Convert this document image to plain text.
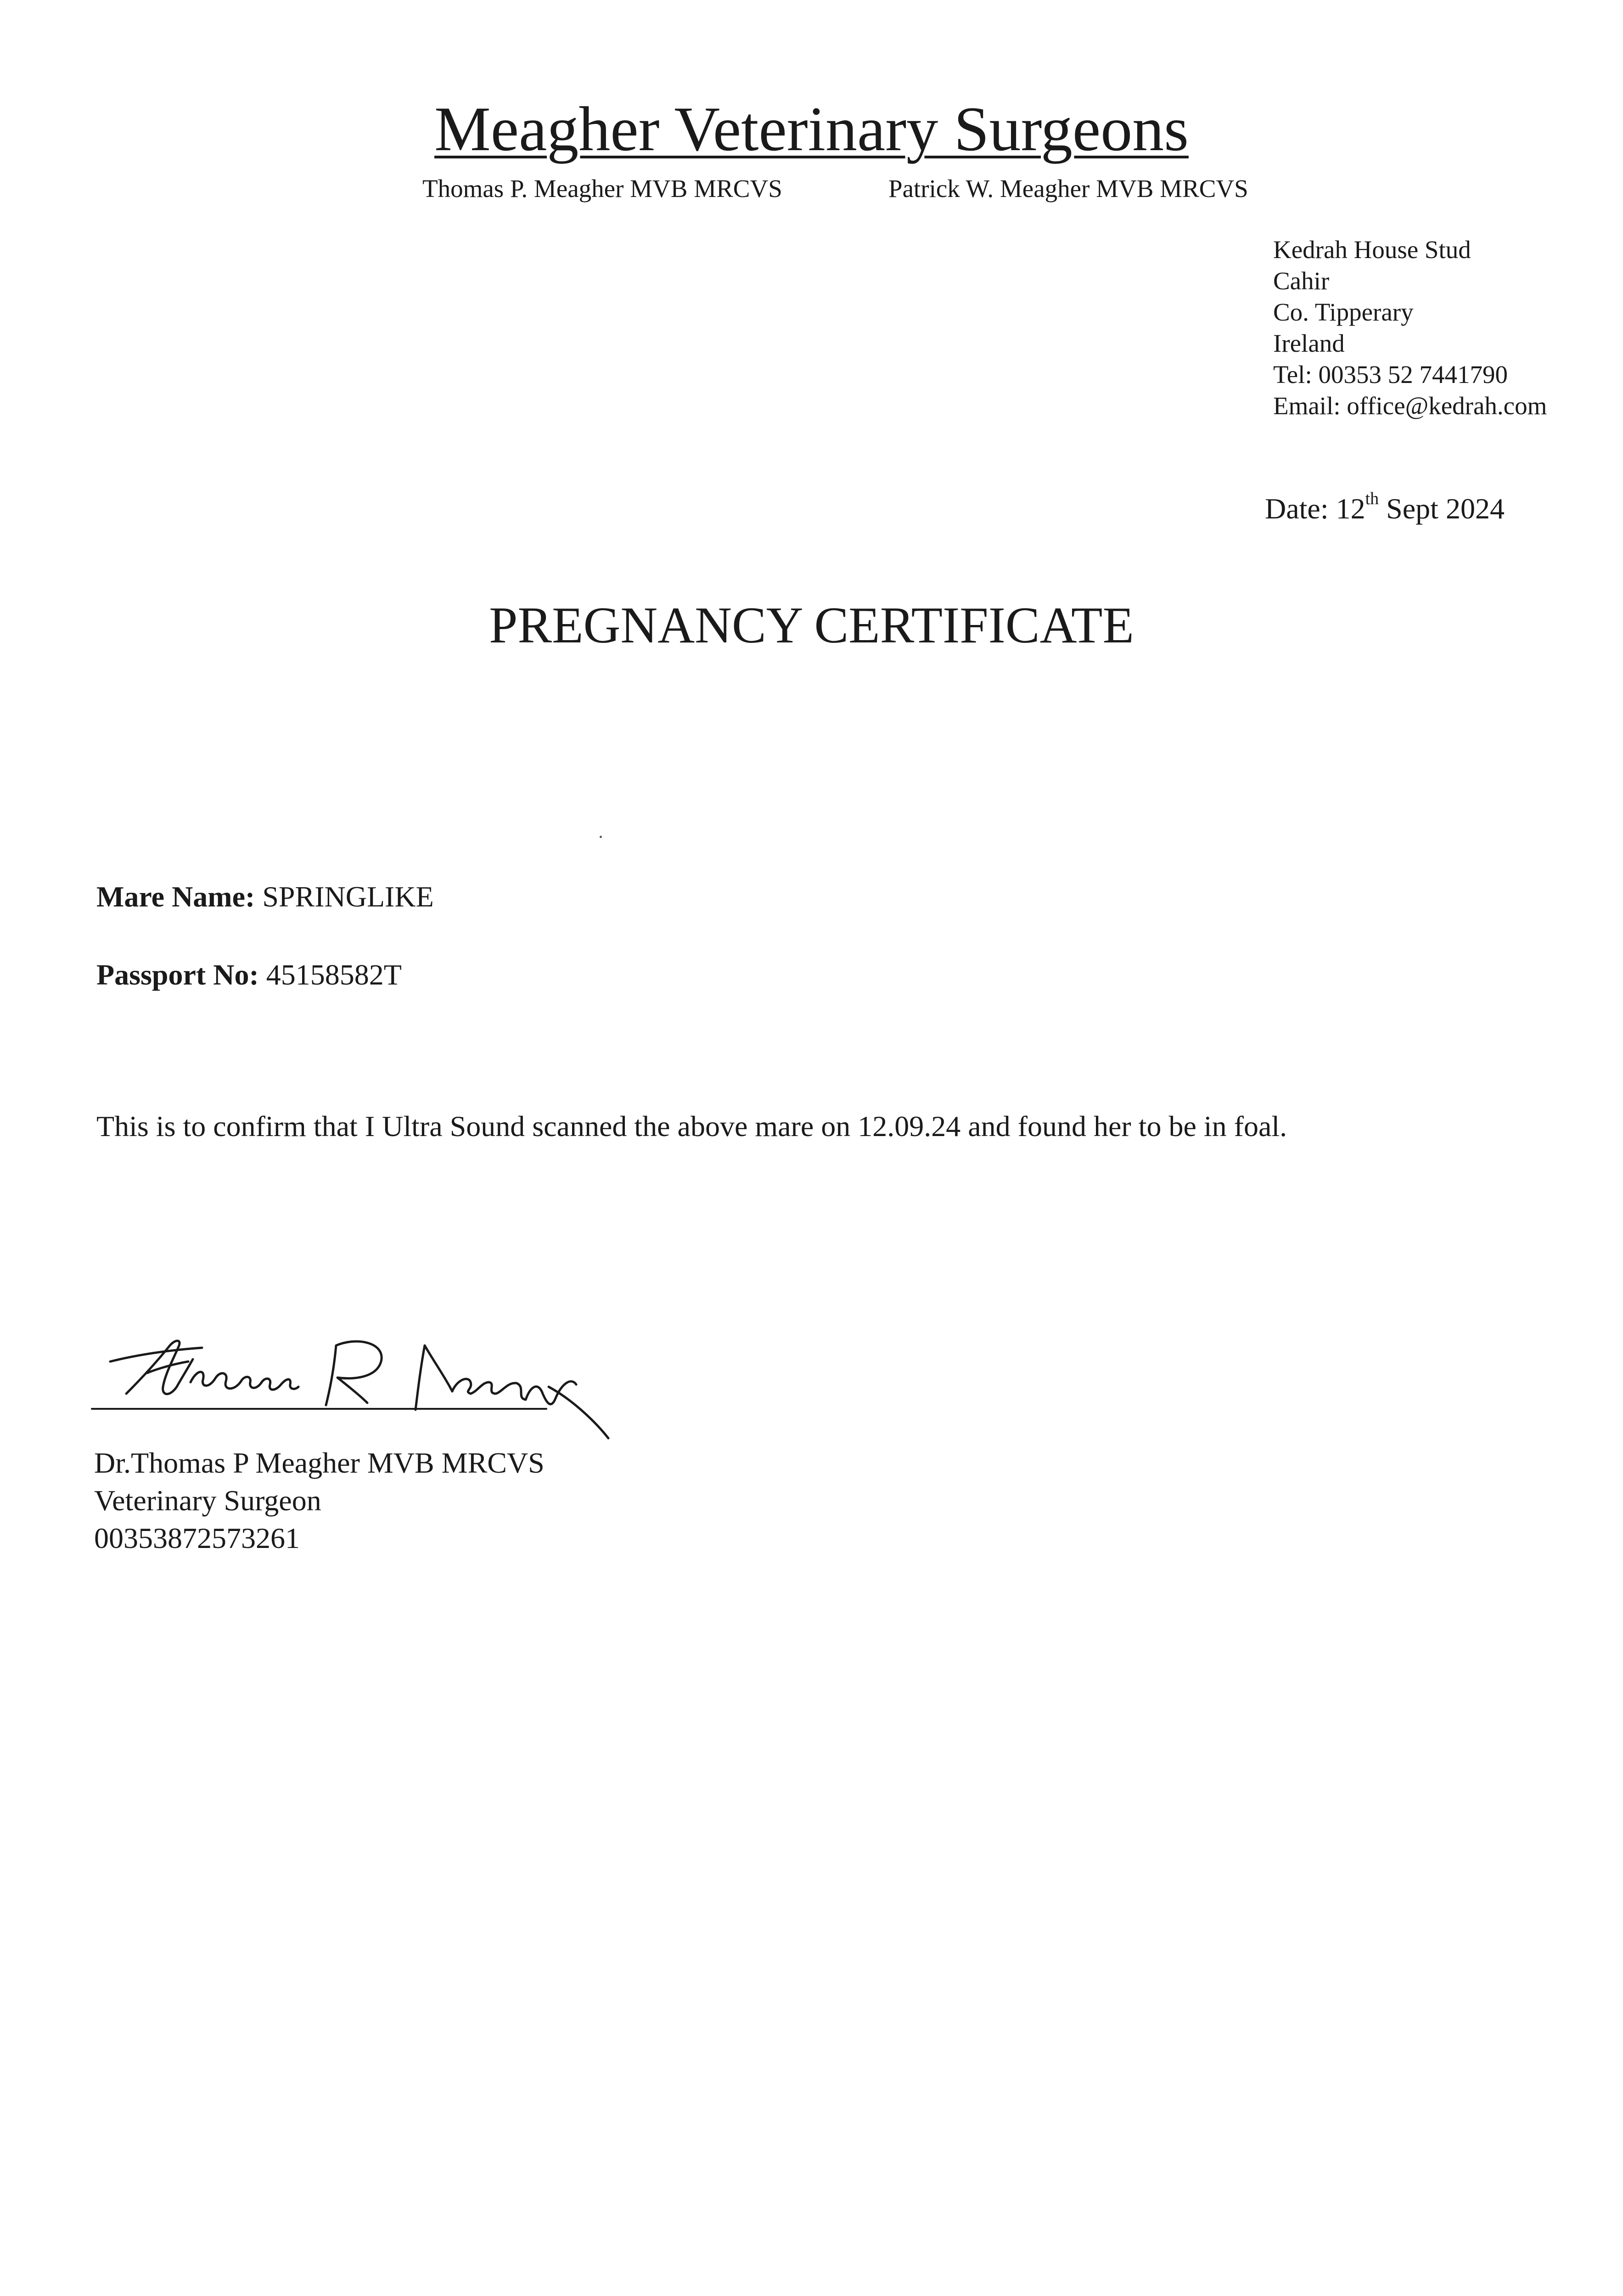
Meagher Veterinary Surgeons
Thomas P. Meagher MVB MRCVS	Patrick W. Meagher MVB MRCVS
Kedrah House Stud
Cahir
Co. Tipperary
Ireland
Tel: 00353 52 7441790
Email: office@kedrah.com
Date: 12th Sept 2024
PREGNANCY CERTIFICATE
Mare Name: SPRINGLIKE
Passport No: 45158582T
This is to confirm that I Ultra Sound scanned the above mare on 12.09.24 and found her to be in foal.
Dr.Thomas P Meagher MVB MRCVS
Veterinary Surgeon
00353872573261
